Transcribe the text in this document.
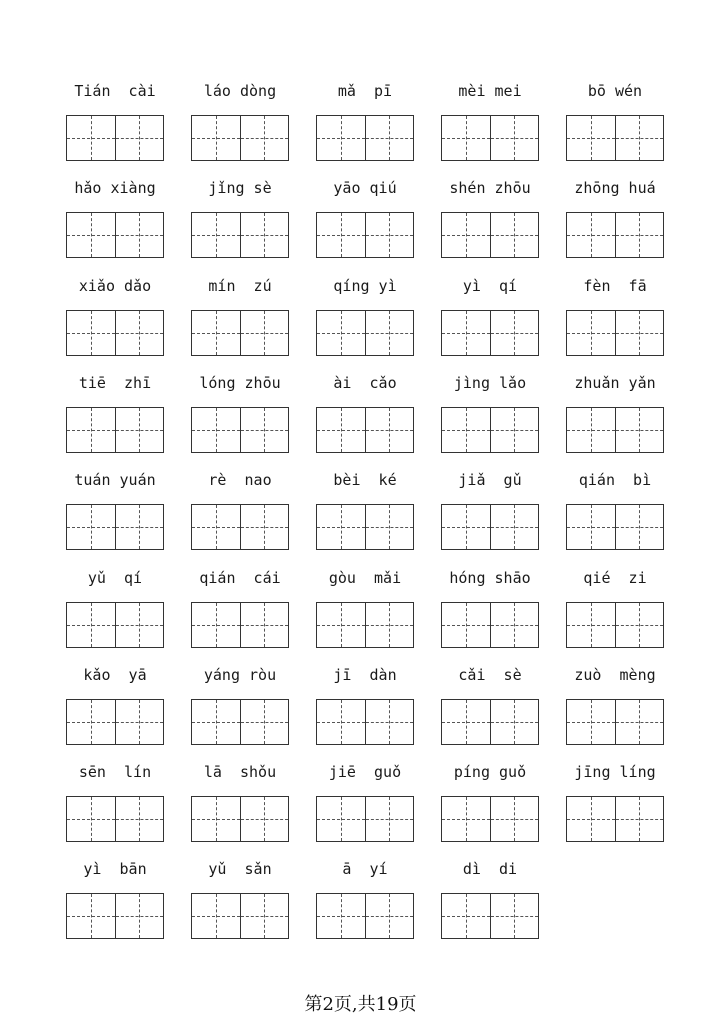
Tián  cài	láo dòng	mǎ  pī	mèi mei	bō wén
hǎo xiàng	jǐng sè	yāo qiú	shén zhōu	zhōng huá
xiǎo dǎo	mín  zú	qíng yì	yì  qí	fèn  fā
tiē  zhī	lóng zhōu	ài  cǎo	jìng lǎo	zhuǎn yǎn
tuán yuán	rè  nao	bèi  ké	jiǎ  gǔ	qián  bì
yǔ  qí	qián  cái	gòu  mǎi	hóng shāo	qié  zi
kǎo  yā	yáng ròu	jī  dàn	cǎi  sè	zuò  mèng
sēn  lín	lā  shǒu	jiē  guǒ	píng guǒ	jīng líng
yì  bān	yǔ  sǎn	ā  yí	dì  di
第2页,共19页
